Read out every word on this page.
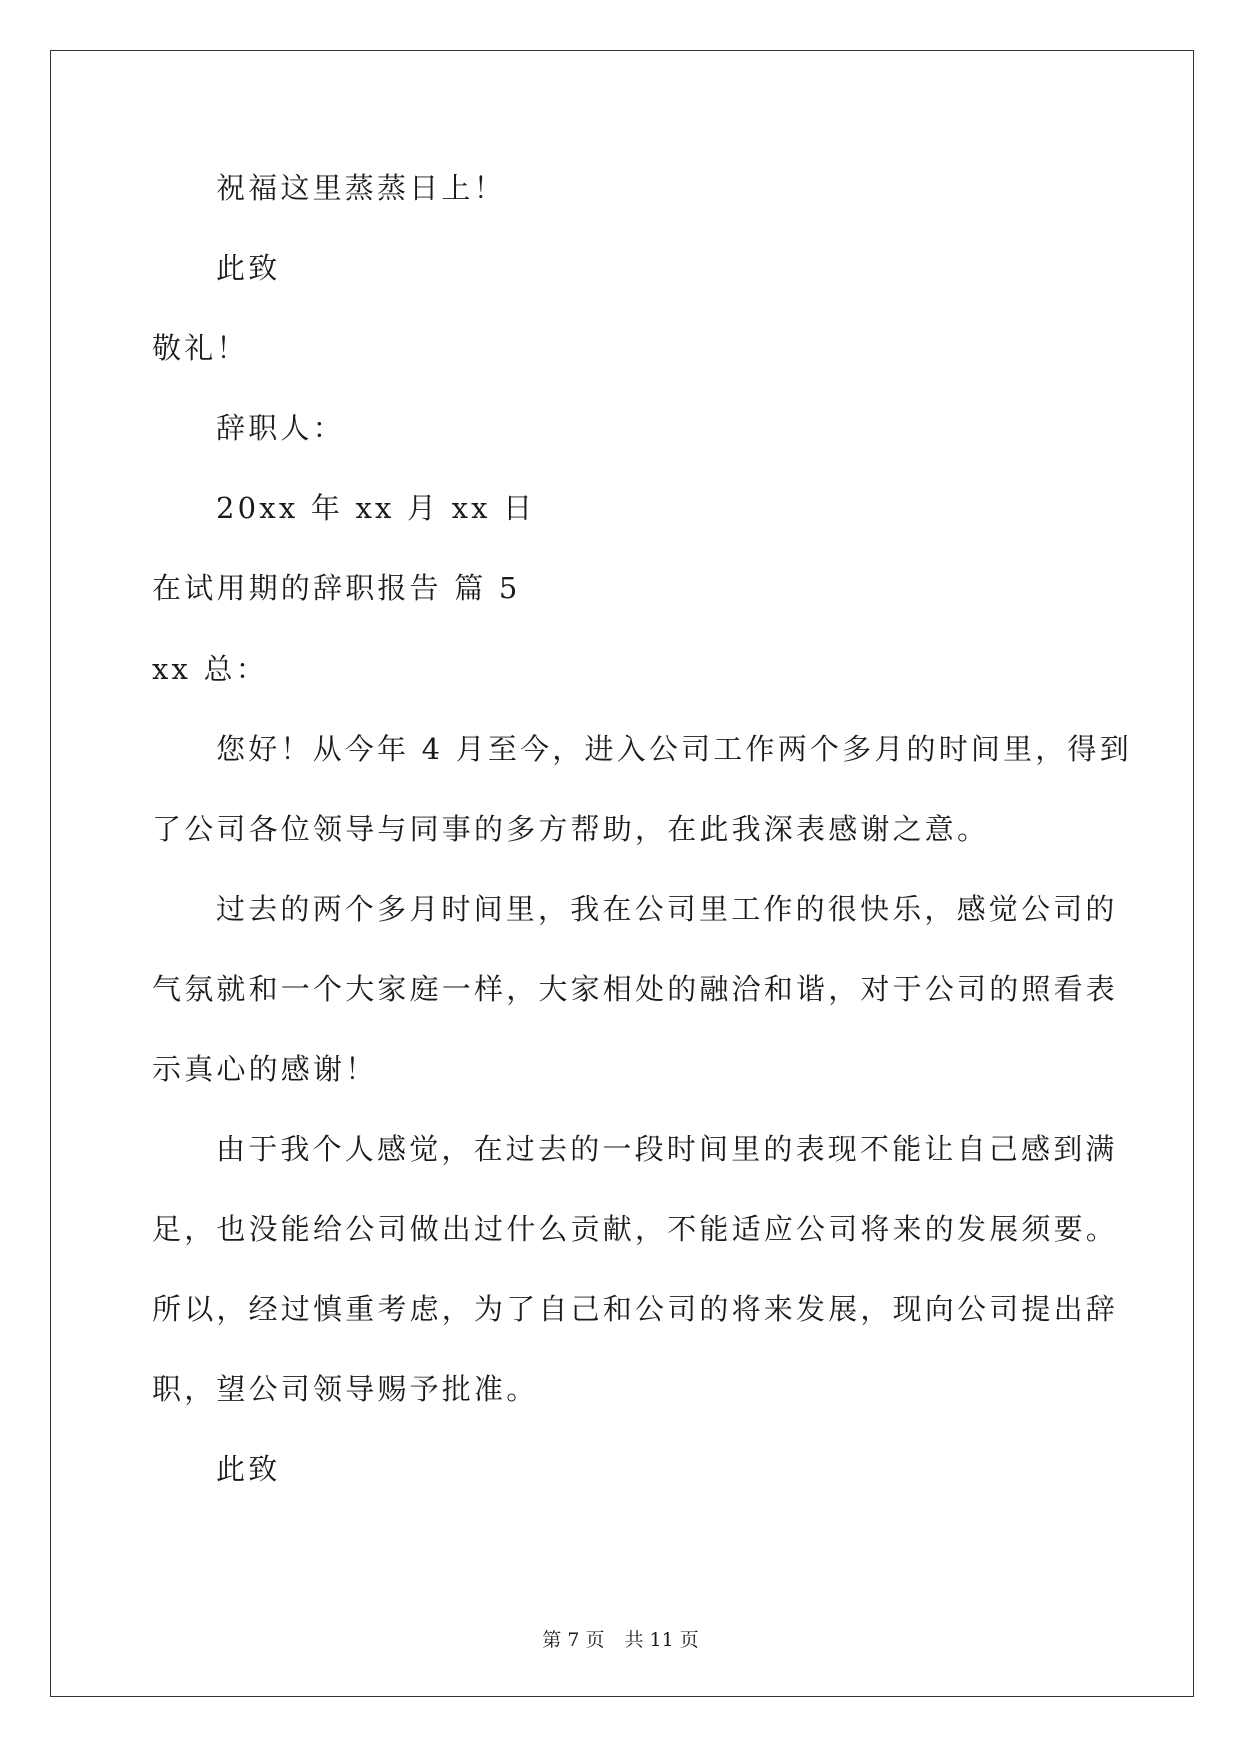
祝福这里蒸蒸日上！
此致
敬礼！
辞职人：
20xx 年 xx 月 xx 日
在试用期的辞职报告 篇 5
xx 总：
您好！从今年 4 月至今，进入公司工作两个多月的时间里，得到
了公司各位领导与同事的多方帮助，在此我深表感谢之意。
过去的两个多月时间里，我在公司里工作的很快乐，感觉公司的
气氛就和一个大家庭一样，大家相处的融洽和谐，对于公司的照看表
示真心的感谢！
由于我个人感觉，在过去的一段时间里的表现不能让自己感到满
足，也没能给公司做出过什么贡献，不能适应公司将来的发展须要。
所以，经过慎重考虑，为了自己和公司的将来发展，现向公司提出辞
职，望公司领导赐予批准。
此致
第 7 页 共 11 页
